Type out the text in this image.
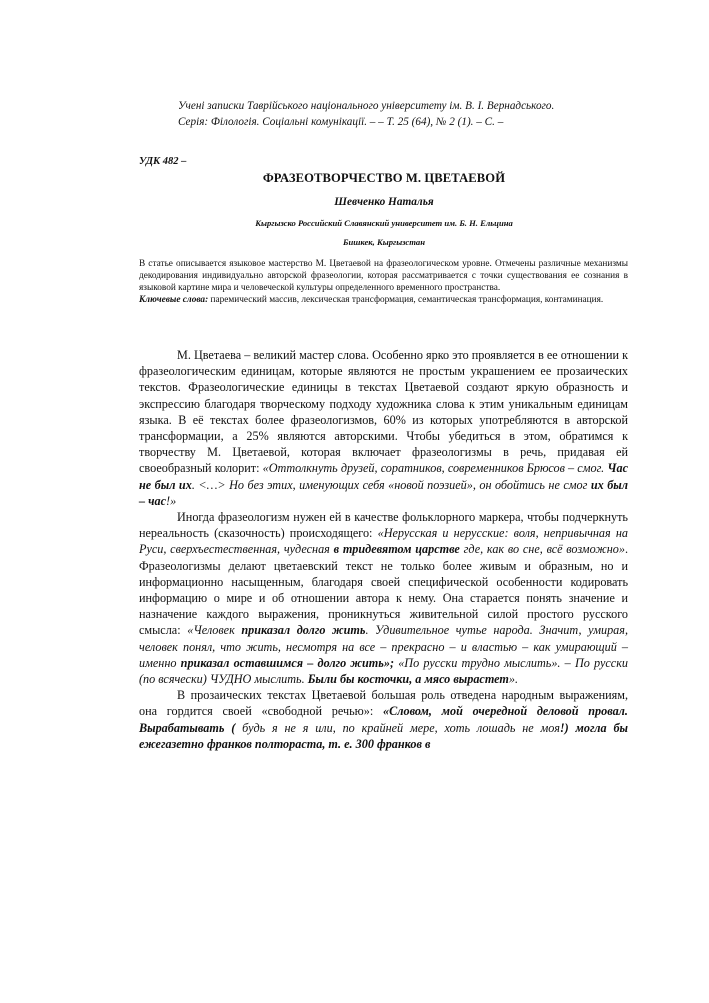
Учені записки Таврійського національного університету ім. В. І. Вернадського.
Серія: Філологія. Соціальні комунікації. – – Т. 25 (64), № 2 (1). – С. –
УДК 482 –
ФРАЗЕОТВОРЧЕСТВО М. ЦВЕТАЕВОЙ
Шевченко Наталья
Кыргызско Российский Славянский университет им. Б. Н. Ельцина
Бишкек, Кыргызстан

В статье описывается языковое мастерство М. Цветаевой на фразеологическом уровне. Отмечены различные механизмы декодирования индивидуально авторской фразеологии, которая рассматривается с точки существования ее сознания в языковой картине мира и человеческой культуры определенного временного пространства.

Ключевые слова: паремический массив, лексическая трансформация, семантическая трансформация, контаминация.

М. Цветаева – великий мастер слова. Особенно ярко это проявляется в ее отношении к фразеологическим единицам, которые являются не простым украшением ее прозаических текстов. Фразеологические единицы в текстах Цветаевой создают яркую образность и экспрессию благодаря творческому подходу художника слова к этим уникальным единицам языка. В её текстах более фразеологизмов, 60% из которых употребляются в авторской трансформации, а 25% являются авторскими. Чтобы убедиться в этом, обратимся к творчеству М. Цветаевой, которая включает фразеологизмы в речь, придавая ей своеобразный колорит: «Оттолкнуть друзей, соратников, современников Брюсов – смог. Час не был их. <…> Но без этих, именующих себя «новой поэзией», он обойтись не смог их был – час!»

Иногда фразеологизм нужен ей в качестве фольклорного маркера, чтобы подчеркнуть нереальность (сказочность) происходящего: «Нерусская и нерусские: воля, непривычная на Руси, сверхъестественная, чудесная в тридевятом царстве где, как во сне, всё возможно». Фразеологизмы делают цветаевский текст не только более живым и образным, но и информационно насыщенным, благодаря своей специфической особенности кодировать информацию о мире и об отношении автора к нему. Она старается понять значение и назначение каждого выражения, проникнуться живительной силой простого русского смысла: «Человек приказал долго жить. Удивительное чутье народа. Значит, умирая, человек понял, что жить, несмотря на все – прекрасно – и властью – как умирающий – именно приказал оставшимся – долго жить»; «По русски трудно мыслить». – По русски (по всячески) ЧУДНО мыслить. Были бы косточки, а мясо вырастет».

В прозаических текстах Цветаевой большая роль отведена народным выражениям, она гордится своей «свободной речью»: «Словом, мой очередной деловой провал. Вырабатывать ( будь я не я или, по крайней мере, хоть лошадь не моя!) могла бы ежегазетно франков полтораста, т. е. 300 франков в
